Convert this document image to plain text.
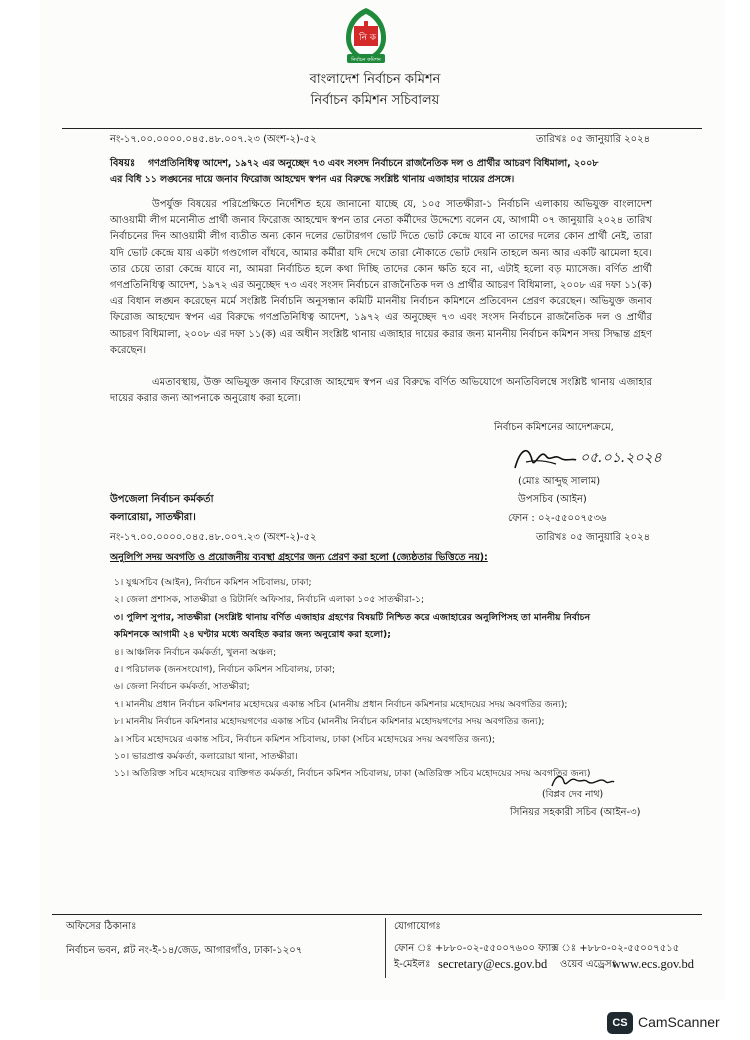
নি ক
নির্বাচন কমিশন
বাংলাদেশ নির্বাচন কমিশন
নির্বাচন কমিশন সচিবালয়
নং-১৭.০০.০০০০.০৪৫.৪৮.০০৭.২৩ (অংশ-২)-৫২	তারিখঃ ০৫ জানুয়ারি ২০২৪
বিষয়ঃ গণপ্রতিনিধিত্ব আদেশ, ১৯৭২ এর অনুচ্ছেদ ৭৩ এবং সংসদ নির্বাচনে রাজনৈতিক দল ও প্রার্থীর আচরণ বিধিমালা, ২০০৮
এর বিধি ১১ লঙ্ঘনের দায়ে জনাব ফিরোজ আহম্মেদ স্বপন এর বিরুদ্ধে সংশ্লিষ্ট থানায় এজাহার দায়ের প্রসঙ্গে।
উপর্যুক্ত বিষয়ের পরিপ্রেক্ষিতে নির্দেশিত হয়ে জানানো যাচ্ছে যে, ১০৫ সাতক্ষীরা-১ নির্বাচনি এলাকায় অভিযুক্ত বাংলাদেশ আওয়ামী লীগ মনোনীত প্রার্থী জনাব ফিরোজ আহম্মেদ স্বপন তার নেতা কর্মীদের উদ্দেশ্যে বলেন যে, আগামী ০৭ জানুয়ারি ২০২৪ তারিখ নির্বাচনের দিন আওয়ামী লীগ ব্যতীত অন্য কোন দলের ভোটারগণ ভোট দিতে ভোট কেন্দ্রে যাবে না তাদের দলের কোন প্রার্থী নেই, তারা যদি ভোট কেন্দ্রে যায় একটা গণ্ডগোল বাঁধবে, আমার কর্মীরা যদি দেখে তারা নৌকাতে ভোট দেয়নি তাহলে অন্য আর একটি ঝামেলা হবে। তার চেয়ে তারা কেন্দ্রে যাবে না, আমরা নির্বাচিত হলে কথা দিচ্ছি তাদের কোন ক্ষতি হবে না, এটাই হলো বড় ম্যাসেজ। বর্ণিত প্রার্থী গণপ্রতিনিধিত্ব আদেশ, ১৯৭২ এর অনুচ্ছেদ ৭৩ এবং সংসদ নির্বাচনে রাজনৈতিক দল ও প্রার্থীর আচরণ বিধিমালা, ২০০৮ এর দফা ১১(ক) এর বিধান লঙ্ঘন করেছেন মর্মে সংশ্লিষ্ট নির্বাচনি অনুসন্ধান কমিটি মাননীয় নির্বাচন কমিশনে প্রতিবেদন প্রেরণ করেছেন। অভিযুক্ত জনাব ফিরোজ আহম্মেদ স্বপন এর বিরুদ্ধে গণপ্রতিনিধিত্ব আদেশ, ১৯৭২ এর অনুচ্ছেদ ৭৩ এবং সংসদ নির্বাচনে রাজনৈতিক দল ও প্রার্থীর আচরণ বিধিমালা, ২০০৮ এর দফা ১১(ক) এর অধীন সংশ্লিষ্ট থানায় এজাহার দায়ের করার জন্য মাননীয় নির্বাচন কমিশন সদয় সিদ্ধান্ত গ্রহণ করেছেন।
এমতাবস্থায়, উক্ত অভিযুক্ত জনাব ফিরোজ আহম্মেদ স্বপন এর বিরুদ্ধে বর্ণিত অভিযোগে অনতিবিলম্বে সংশ্লিষ্ট থানায় এজাহার দায়ের করার জন্য আপনাকে অনুরোধ করা হলো।
নির্বাচন কমিশনের আদেশক্রমে,
০৫.০১.২০২৪
(মোঃ আব্দুছ সালাম)
উপসচিব (আইন)
ফোন : ০২-৫৫০০৭৫৩৬
উপজেলা নির্বাচন কর্মকর্তা
কলারোয়া, সাতক্ষীরা।
নং-১৭.০০.০০০০.০৪৫.৪৮.০০৭.২৩ (অংশ-২)-৫২	তারিখঃ ০৫ জানুয়ারি ২০২৪
অনুলিপি সদয় অবগতি ও প্রয়োজনীয় ব্যবস্থা গ্রহণের জন্য প্রেরণ করা হলো (জ্যেষ্ঠতার ভিত্তিতে নয়):
১। যুগ্মসচিব (আইন), নির্বাচন কমিশন সচিবালয়, ঢাকা;
২। জেলা প্রশাসক, সাতক্ষীরা ও রিটার্নিং অফিসার, নির্বাচনি এলাকা ১০৫ সাতক্ষীরা-১;
৩। পুলিশ সুপার, সাতক্ষীরা (সংশ্লিষ্ট থানায় বর্ণিত এজাহার গ্রহণের বিষয়টি নিশ্চিত করে এজাহারের অনুলিপিসহ তা মাননীয় নির্বাচন
কমিশনকে আগামী ২৪ ঘণ্টার মধ্যে অবহিত করার জন্য অনুরোধ করা হলো);
৪। আঞ্চলিক নির্বাচন কর্মকর্তা, খুলনা অঞ্চল;
৫। পরিচালক (জনসংযোগ), নির্বাচন কমিশন সচিবালয়, ঢাকা;
৬। জেলা নির্বাচন কর্মকর্তা, সাতক্ষীরা;
৭। মাননীয় প্রধান নির্বাচন কমিশনার মহোদয়ের একান্ত সচিব (মাননীয় প্রধান নির্বাচন কমিশনার মহোদয়ের সদয় অবগতির জন্য);
৮। মাননীয় নির্বাচন কমিশনার মহোদয়গণের একান্ত সচিব (মাননীয় নির্বাচন কমিশনার মহোদয়গণের সদয় অবগতির জন্য);
৯। সচিব মহোদয়ের একান্ত সচিব, নির্বাচন কমিশন সচিবালয়, ঢাকা (সচিব মহোদয়ের সদয় অবগতির জন্য);
১০। ভারপ্রাপ্ত কর্মকর্তা, কলারোয়া থানা, সাতক্ষীরা।
১১। অতিরিক্ত সচিব মহোদয়ের ব্যক্তিগত কর্মকর্তা, নির্বাচন কমিশন সচিবালয়, ঢাকা (অতিরিক্ত সচিব মহোদয়ের সদয় অবগতির জন্য)
(বিপ্লব দেব নাথ)
সিনিয়র সহকারী সচিব (আইন-৩)
অফিসের ঠিকানাঃ
নির্বাচন ভবন, প্লট নং-ই-১৪/জেড, আগারগাঁও, ঢাকা-১২০৭
যোগাযোগঃ
ফোন ঃ +৮৮০-০২-৫৫০০৭৬০০ ফ্যাক্স ঃ +৮৮০-০২-৫৫০০৭৫১৫
ই-মেইলঃ secretary@ecs.gov.bd ওয়েব এড্রেসঃ
www.ecs.gov.bd
CS CamScanner
